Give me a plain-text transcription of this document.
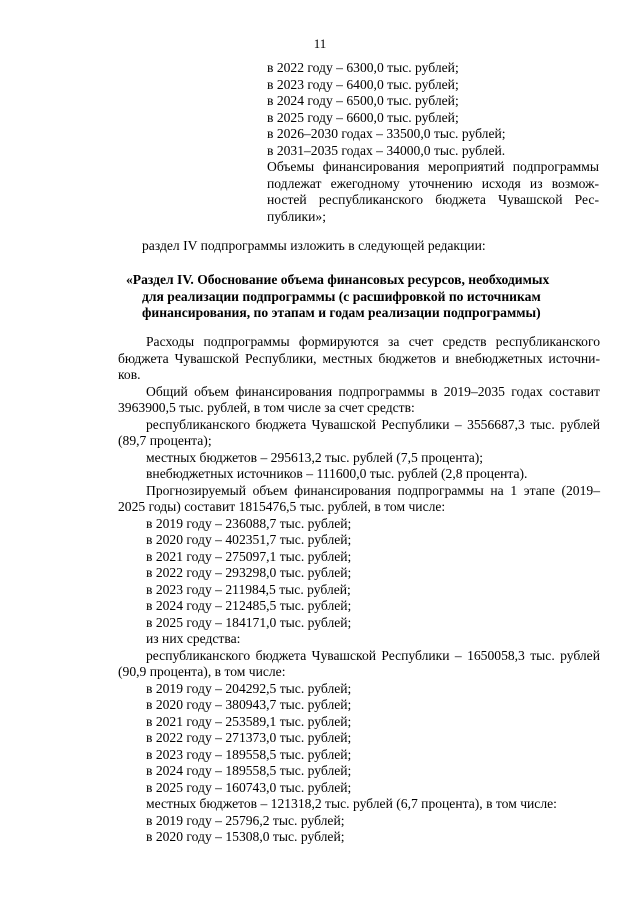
11
в 2022 году – 6300,0 тыс. рублей;
в 2023 году – 6400,0 тыс. рублей;
в 2024 году – 6500,0 тыс. рублей;
в 2025 году – 6600,0 тыс. рублей;
в 2026–2030 годах – 33500,0 тыс. рублей;
в 2031–2035 годах – 34000,0 тыс. рублей.
Объемы финансирования мероприятий подпрограммы подлежат ежегодному уточнению исходя из возможностей республиканского бюджета Чувашской Республики»;
раздел IV подпрограммы изложить в следующей редакции:
«Раздел IV. Обоснование объема финансовых ресурсов, необходимых
для реализации подпрограммы (с расшифровкой по источникам
финансирования, по этапам и годам реализации подпрограммы)
Расходы подпрограммы формируются за счет средств республиканского бюджета Чувашской Республики, местных бюджетов и внебюджетных источников.
Общий объем финансирования подпрограммы в 2019–2035 годах составит 3963900,5 тыс. рублей, в том числе за счет средств:
республиканского бюджета Чувашской Республики – 3556687,3 тыс. рублей (89,7 процента);
местных бюджетов – 295613,2 тыс. рублей (7,5 процента);
внебюджетных источников – 111600,0 тыс. рублей (2,8 процента).
Прогнозируемый объем финансирования подпрограммы на 1 этапе (2019–2025 годы) составит 1815476,5 тыс. рублей, в том числе:
в 2019 году – 236088,7 тыс. рублей;
в 2020 году – 402351,7 тыс. рублей;
в 2021 году – 275097,1 тыс. рублей;
в 2022 году – 293298,0 тыс. рублей;
в 2023 году – 211984,5 тыс. рублей;
в 2024 году – 212485,5 тыс. рублей;
в 2025 году – 184171,0 тыс. рублей;
из них средства:
республиканского бюджета Чувашской Республики – 1650058,3 тыс. рублей (90,9 процента), в том числе:
в 2019 году – 204292,5 тыс. рублей;
в 2020 году – 380943,7 тыс. рублей;
в 2021 году – 253589,1 тыс. рублей;
в 2022 году – 271373,0 тыс. рублей;
в 2023 году – 189558,5 тыс. рублей;
в 2024 году – 189558,5 тыс. рублей;
в 2025 году – 160743,0 тыс. рублей;
местных бюджетов – 121318,2 тыс. рублей (6,7 процента), в том числе:
в 2019 году – 25796,2 тыс. рублей;
в 2020 году – 15308,0 тыс. рублей;
